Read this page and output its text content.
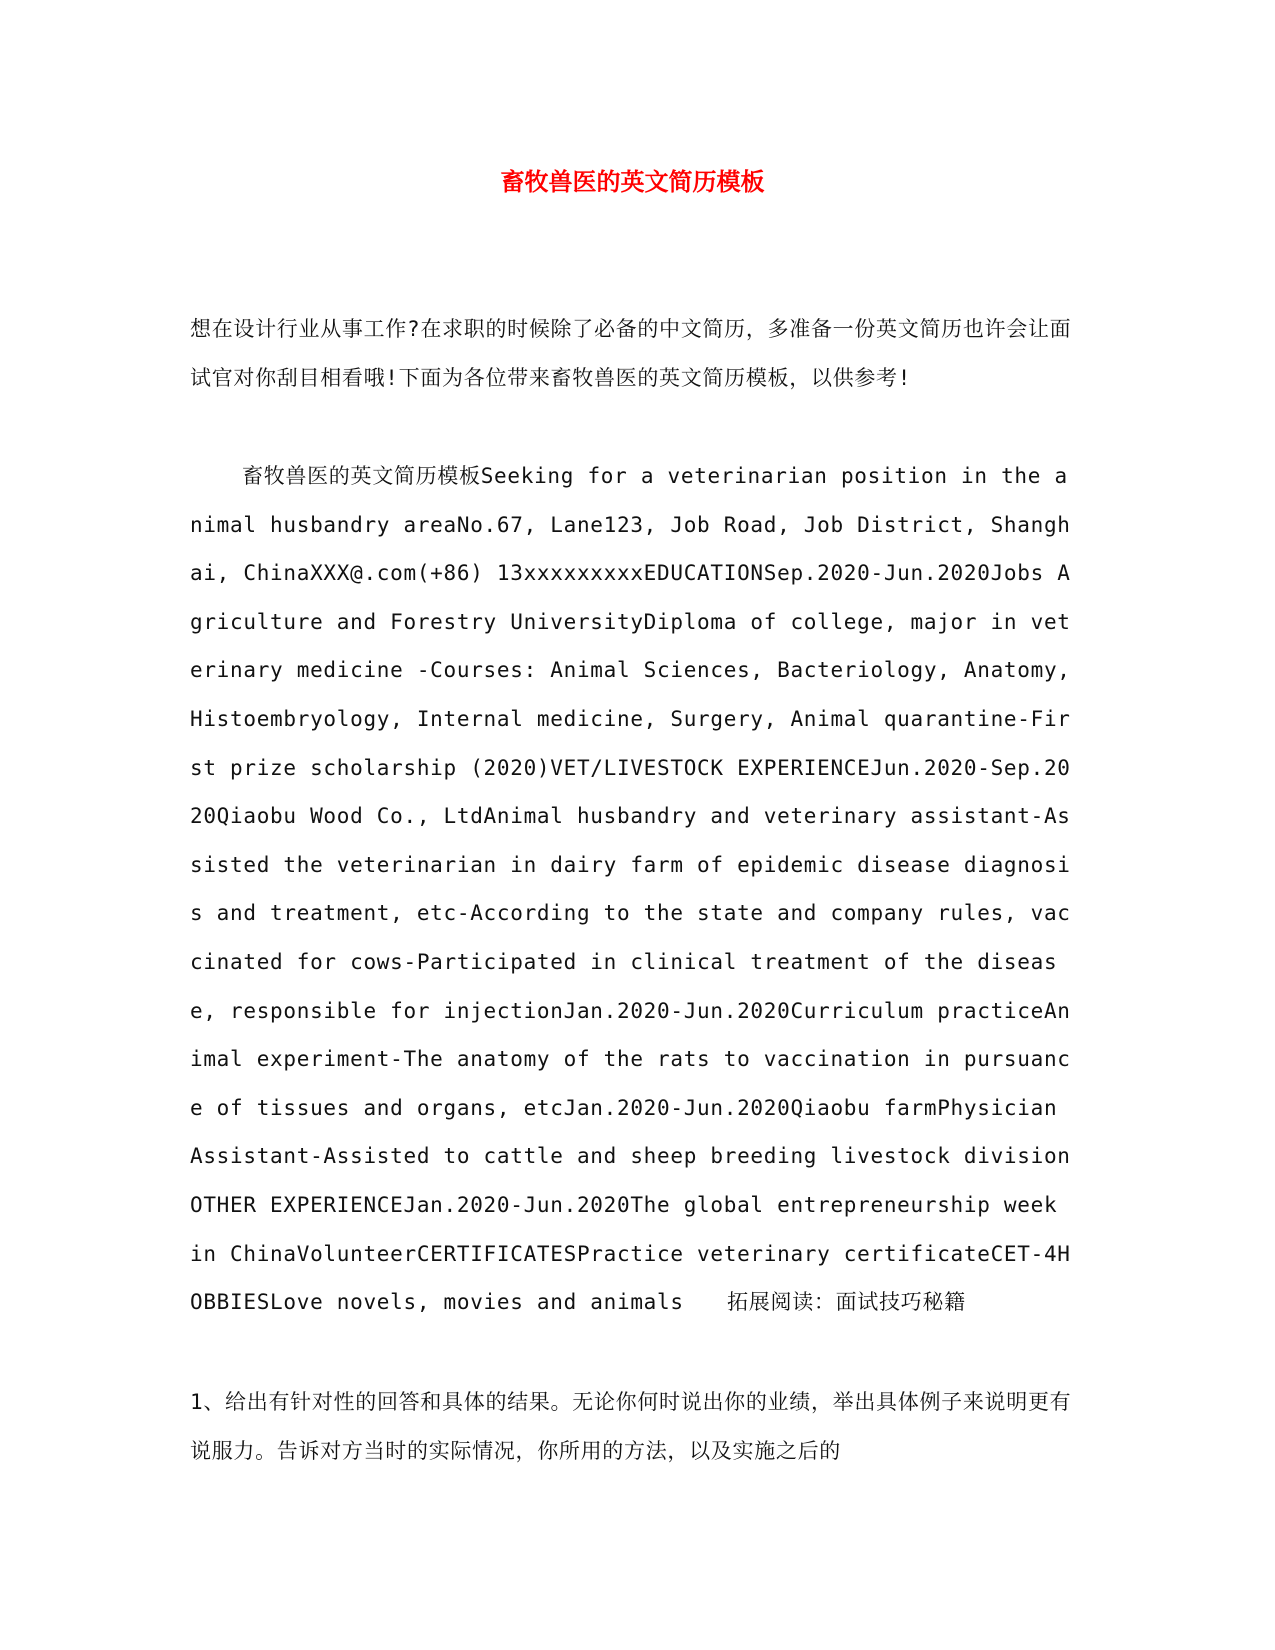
畜牧兽医的英文简历模板

想在设计行业从事工作?在求职的时候除了必备的中文简历，多准备一份英文简历也许会让面试官对你刮目相看哦!下面为各位带来畜牧兽医的英文简历模板，以供参考!

畜牧兽医的英文简历模板Seeking for a veterinarian position in the animal husbandry areaNo.67, Lane123, Job Road, Job District, Shanghai, ChinaXXX@.com(+86) 13xxxxxxxxxEDUCATIONSep.2020-Jun.2020Jobs Agriculture and Forestry UniversityDiploma of college, major in veterinary medicine -Courses: Animal Sciences, Bacteriology, Anatomy, Histoembryology, Internal medicine, Surgery, Animal quarantine-First prize scholarship (2020)VET/LIVESTOCK EXPERIENCEJun.2020-Sep.2020Qiaobu Wood Co., LtdAnimal husbandry and veterinary assistant-Assisted the veterinarian in dairy farm of epidemic disease diagnosis and treatment, etc-According to the state and company rules, vaccinated for cows-Participated in clinical treatment of the disease, responsible for injectionJan.2020-Jun.2020Curriculum practiceAnimal experiment-The anatomy of the rats to vaccination in pursuance of tissues and organs, etcJan.2020-Jun.2020Qiaobu farmPhysician Assistant-Assisted to cattle and sheep breeding livestock divisionOTHER EXPERIENCEJan.2020-Jun.2020The global entrepreneurship week in ChinaVolunteerCERTIFICATESPractice veterinary certificateCET-4HOBBIESLove novels, movies and animals　　拓展阅读：面试技巧秘籍

1、给出有针对性的回答和具体的结果。无论你何时说出你的业绩，举出具体例子来说明更有说服力。告诉对方当时的实际情况，你所用的方法，以及实施之后的
